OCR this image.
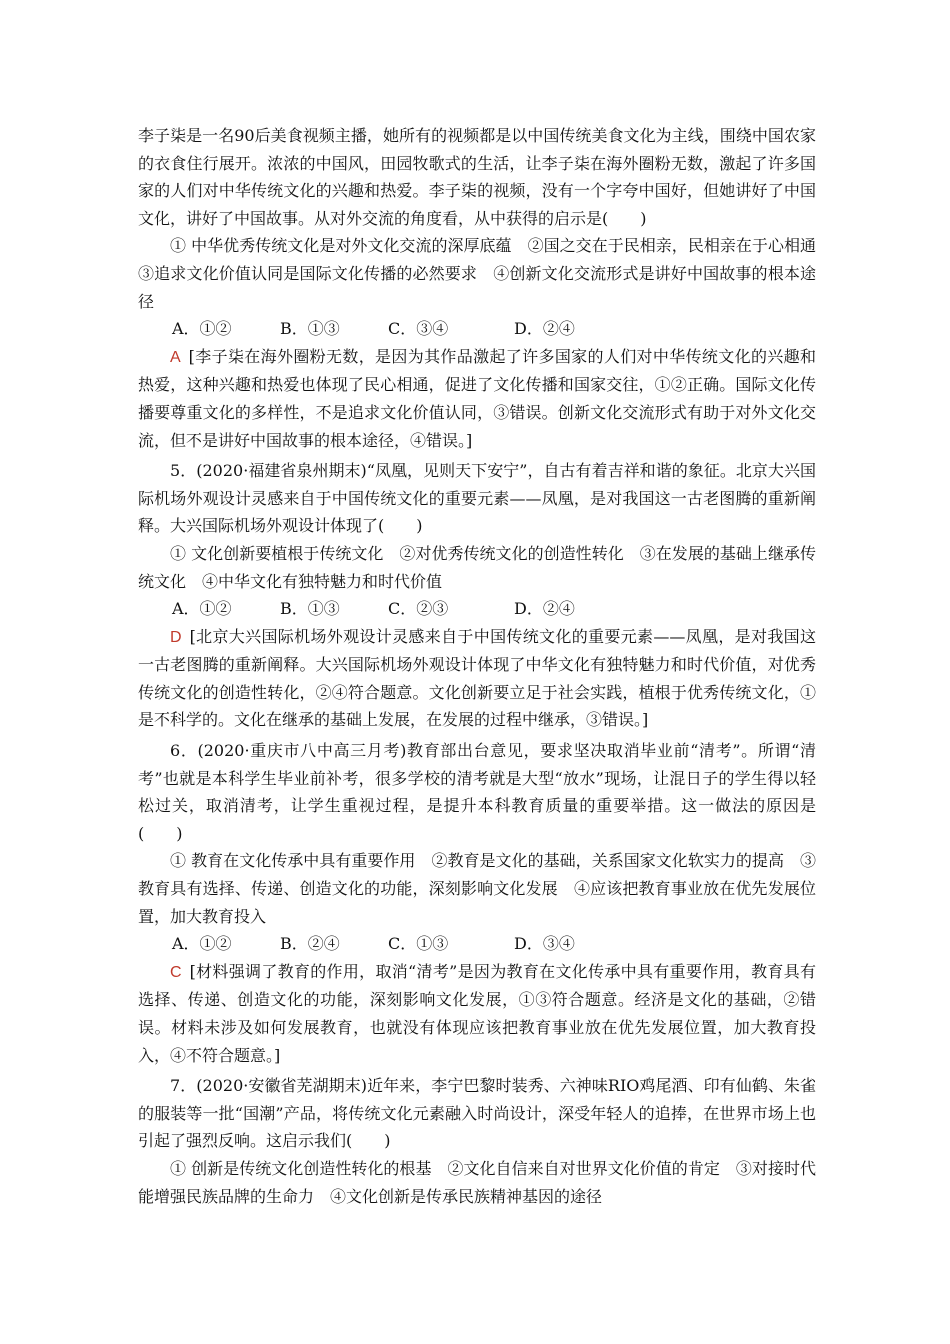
李子柒是一名90后美食视频主播，她所有的视频都是以中国传统美食文化为主线，围绕中国农家的衣食住行展开。浓浓的中国风，田园牧歌式的生活，让李子柒在海外圈粉无数，激起了许多国家的人们对中华传统文化的兴趣和热爱。李子柒的视频，没有一个字夸中国好，但她讲好了中国文化，讲好了中国故事。从对外交流的角度看，从中获得的启示是(　　)

① 中华优秀传统文化是对外文化交流的深厚底蕴　②国之交在于民相亲，民相亲在于心相通　③追求文化价值认同是国际文化传播的必然要求　④创新文化交流形式是讲好中国故事的根本途径

A．①②	B．①③	C．③④	D．②④

A [李子柒在海外圈粉无数，是因为其作品激起了许多国家的人们对中华传统文化的兴趣和热爱，这种兴趣和热爱也体现了民心相通，促进了文化传播和国家交往，①②正确。国际文化传播要尊重文化的多样性，不是追求文化价值认同，③错误。创新文化交流形式有助于对外文化交流，但不是讲好中国故事的根本途径，④错误。]

5．(2020·福建省泉州期末)“凤凰，见则天下安宁”，自古有着吉祥和谐的象征。北京大兴国际机场外观设计灵感来自于中国传统文化的重要元素——凤凰，是对我国这一古老图腾的重新阐释。大兴国际机场外观设计体现了(　　)

① 文化创新要植根于传统文化　②对优秀传统文化的创造性转化　③在发展的基础上继承传统文化　④中华文化有独特魅力和时代价值

A．①②	B．①③	C．②③	D．②④

D [北京大兴国际机场外观设计灵感来自于中国传统文化的重要元素——凤凰，是对我国这一古老图腾的重新阐释。大兴国际机场外观设计体现了中华文化有独特魅力和时代价值，对优秀传统文化的创造性转化，②④符合题意。文化创新要立足于社会实践，植根于优秀传统文化，①是不科学的。文化在继承的基础上发展，在发展的过程中继承，③错误。]

6．(2020·重庆市八中高三月考)教育部出台意见，要求坚决取消毕业前“清考”。所谓“清考”也就是本科学生毕业前补考，很多学校的清考就是大型“放水”现场，让混日子的学生得以轻松过关，取消清考，让学生重视过程，是提升本科教育质量的重要举措。这一做法的原因是(　　)

① 教育在文化传承中具有重要作用　②教育是文化的基础，关系国家文化软实力的提高　③教育具有选择、传递、创造文化的功能，深刻影响文化发展　④应该把教育事业放在优先发展位置，加大教育投入

A．①②	B．②④	C．①③	D．③④

C [材料强调了教育的作用，取消“清考”是因为教育在文化传承中具有重要作用，教育具有选择、传递、创造文化的功能，深刻影响文化发展，①③符合题意。经济是文化的基础，②错误。材料未涉及如何发展教育，也就没有体现应该把教育事业放在优先发展位置，加大教育投入，④不符合题意。]

7．(2020·安徽省芜湖期末)近年来，李宁巴黎时装秀、六神味RIO鸡尾酒、印有仙鹤、朱雀的服装等一批“国潮”产品，将传统文化元素融入时尚设计，深受年轻人的追捧，在世界市场上也引起了强烈反响。这启示我们(　　)

① 创新是传统文化创造性转化的根基　②文化自信来自对世界文化价值的肯定　③对接时代能增强民族品牌的生命力　④文化创新是传承民族精神基因的途径
